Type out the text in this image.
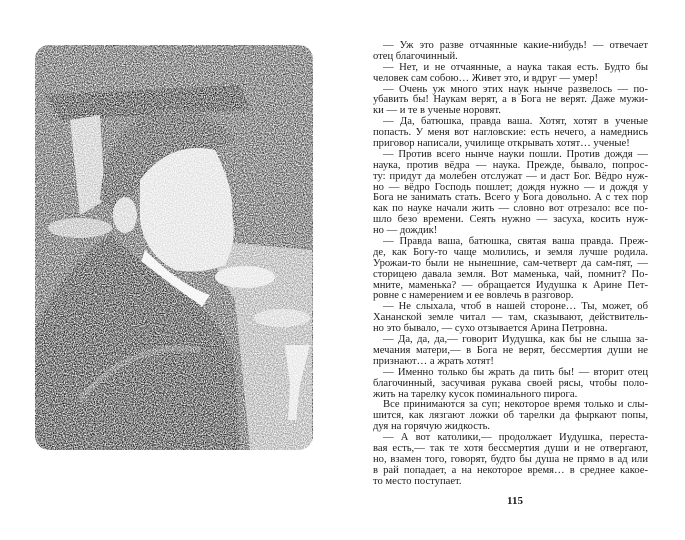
— Уж это разве отчаянные какие-нибудь! — отвечает
отец благочинный.
— Нет, и не отчаянные, а наука такая есть. Будто бы
человек сам собою… Живет это, и вдруг — умер!
— Очень уж много этих наук нынче развелось — по-
убавить бы! Наукам верят, а в Бога не верят. Даже мужи-
ки — и те в ученые норовят.
— Да, батюшка, правда ваша. Хотят, хотят в ученые
попасть. У меня вот нагловские: есть нечего, а намеднись
приговор написали, училище открывать хотят… ученые!
— Против всего нынче науки пошли. Против дождя —
наука, против вёдра — наука. Прежде, бывало, попрос-
ту: придут да молебен отслужат — и даст Бог. Вёдро нуж-
но — вёдро Господь пошлет; дождя нужно — и дождя у
Бога не занимать стать. Всего у Бога довольно. А с тех пор
как по науке начали жить — словно вот отрезало: все по-
шло безо времени. Сеять нужно — засуха, косить нуж-
но — дождик!
— Правда ваша, батюшка, святая ваша правда. Преж-
де, как Богу-то чаще молились, и земля лучше родила.
Урожаи-то были не нынешние, сам-четверт да сам-пят, —
сторицею давала земля. Вот маменька, чай, помнит? По-
мните, маменька? — обращается Иудушка к Арине Пет-
ровне с намерением и ее вовлечь в разговор.
— Не слыхала, чтоб в нашей стороне… Ты, может, об
Хананской земле читал — там, сказывают, действитель-
но это бывало, — сухо отзывается Арина Петровна.
— Да, да, да,— говорит Иудушка, как бы не слыша за-
мечания матери,— в Бога не верят, бессмертия души не
признают… а жрать хотят!
— Именно только бы жрать да пить бы! — вторит отец
благочинный, засучивая рукава своей рясы, чтобы поло-
жить на тарелку кусок поминального пирога.
Все принимаются за суп; некоторое время только и слы-
шится, как лязгают ложки об тарелки да фыркают попы,
дуя на горячую жидкость.
— А вот католики,— продолжает Иудушка, переста-
вая есть,— так те хотя бессмертия души и не отвергают,
но, взамен того, говорят, будто бы душа не прямо в ад или
в рай попадает, а на некоторое время… в среднее какое-
то место поступает.
115
